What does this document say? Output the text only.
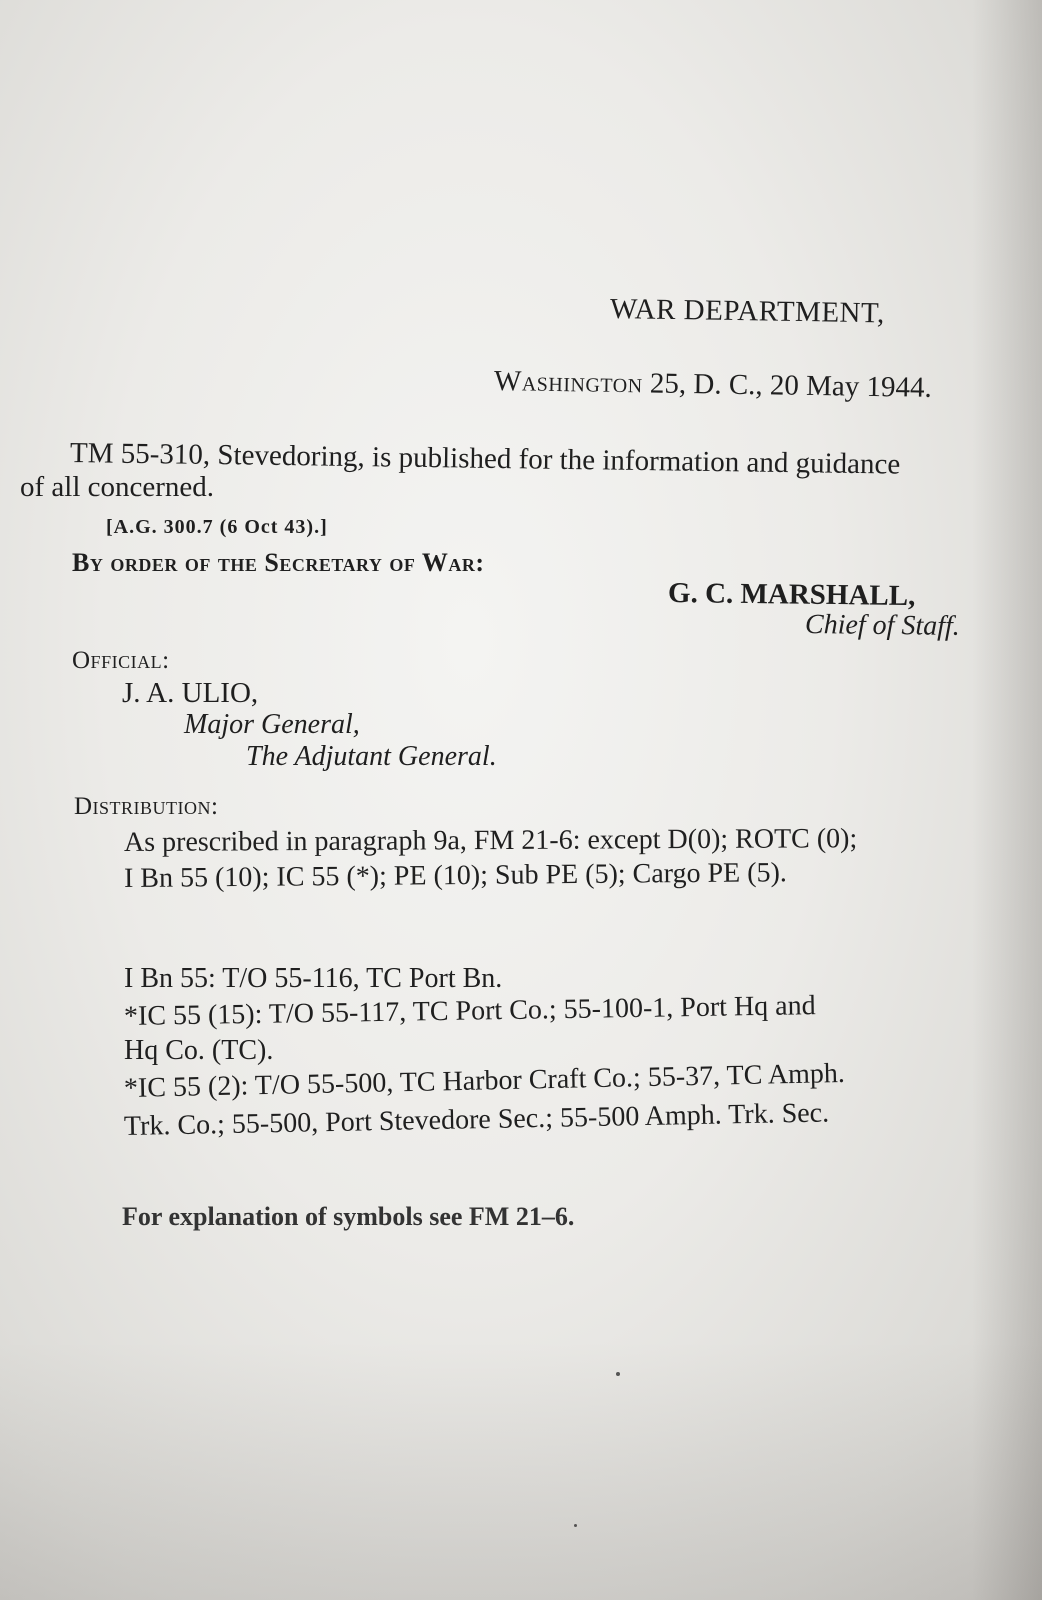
WAR DEPARTMENT,
Washington 25, D. C., 20 May 1944.
TM 55-310, Stevedoring, is published for the information and guidance
of all concerned.
[A.G. 300.7 (6 Oct 43).]
By order of the Secretary of War:
G. C. MARSHALL,
Chief of Staff.
Official:
J. A. ULIO,
Major General,
The Adjutant General.
Distribution:
As prescribed in paragraph 9a, FM 21-6: except D(0); ROTC (0);
I Bn 55 (10); IC 55 (*); PE (10); Sub PE (5); Cargo PE (5).
I Bn 55: T/O 55-116, TC Port Bn.
*IC 55 (15): T/O 55-117, TC Port Co.; 55-100-1, Port Hq and
Hq Co. (TC).
*IC 55 (2): T/O 55-500, TC Harbor Craft Co.; 55-37, TC Amph.
Trk. Co.; 55-500, Port Stevedore Sec.; 55-500 Amph. Trk. Sec.
For explanation of symbols see FM 21–6.
